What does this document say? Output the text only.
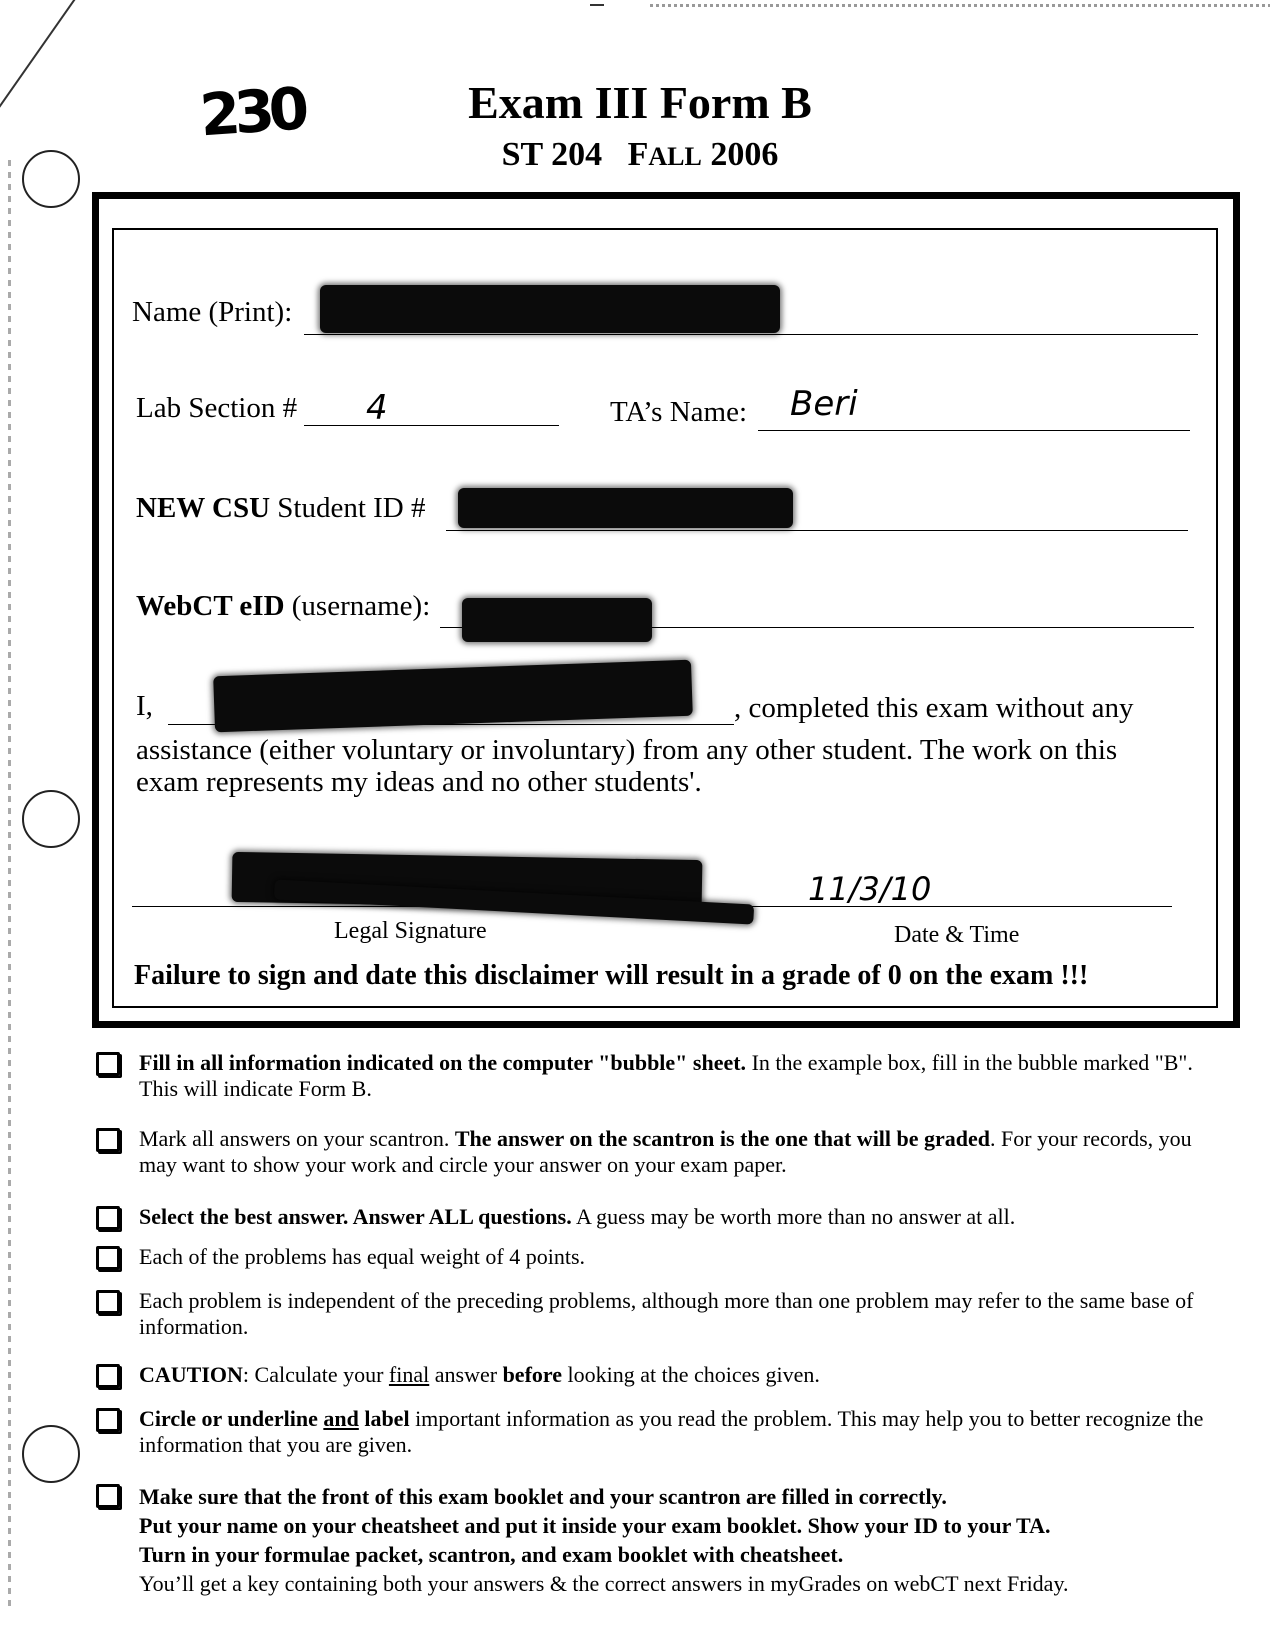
230	Exam III Form B
ST 204 FALL 2006
Name (Print):
Lab Section # 4	TA’s Name: Beri
NEW CSU Student ID #
WebCT eID (username):
I,	, completed this exam without any
assistance (either voluntary or involuntary) from any other student. The work on this
exam represents my ideas and no other students'.
Legal Signature
11/3/10
Date & Time
Failure to sign and date this disclaimer will result in a grade of 0 on the exam !!!
Fill in all information indicated on the computer "bubble" sheet. In the example box, fill in the bubble marked "B". This will indicate Form B.
Mark all answers on your scantron. The answer on the scantron is the one that will be graded. For your records, you may want to show your work and circle your answer on your exam paper.
Select the best answer. Answer ALL questions. A guess may be worth more than no answer at all.
Each of the problems has equal weight of 4 points.
Each problem is independent of the preceding problems, although more than one problem may refer to the same base of information.
CAUTION: Calculate your final answer before looking at the choices given.
Circle or underline and label important information as you read the problem. This may help you to better recognize the information that you are given.
Make sure that the front of this exam booklet and your scantron are filled in correctly.
Put your name on your cheatsheet and put it inside your exam booklet. Show your ID to your TA.
Turn in your formulae packet, scantron, and exam booklet with cheatsheet.
You’ll get a key containing both your answers & the correct answers in myGrades on webCT next Friday.
